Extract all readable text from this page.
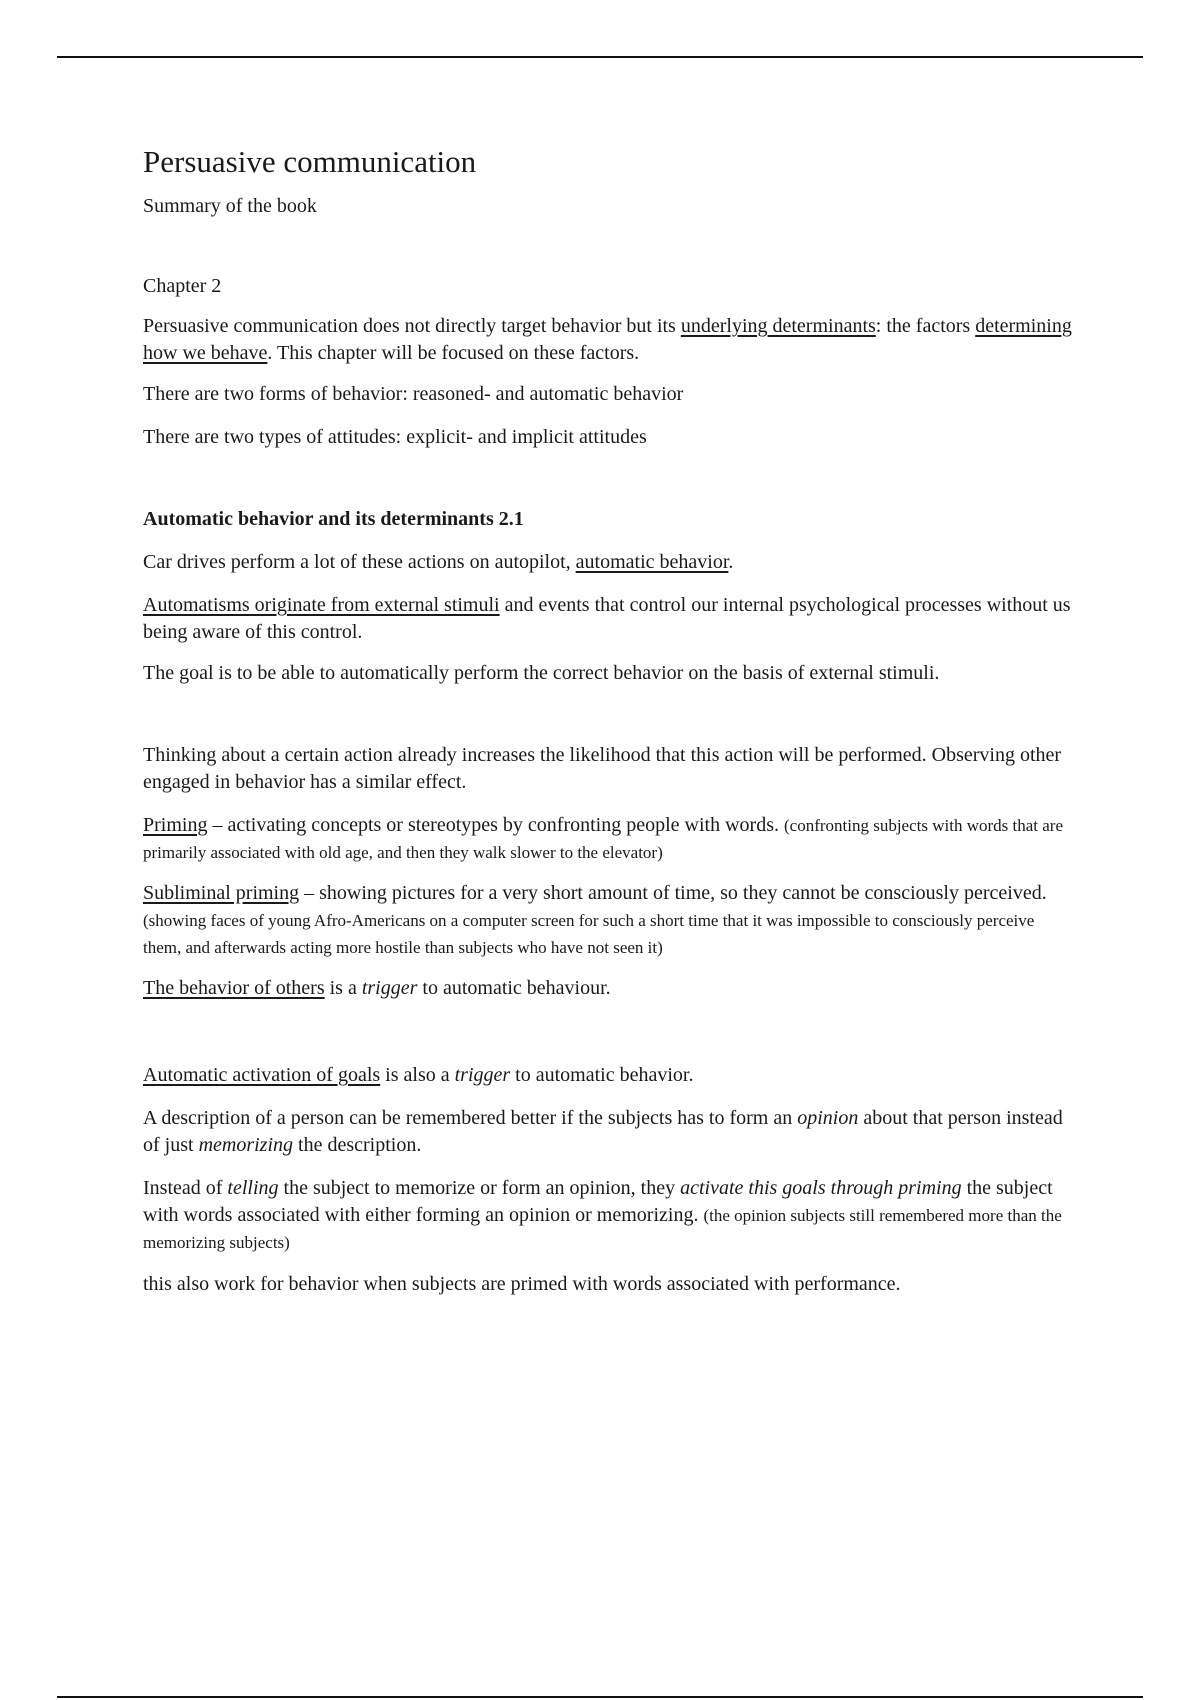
Persuasive communication

Summary of the book

Chapter 2

Persuasive communication does not directly target behavior but its underlying determinants: the factors determining how we behave. This chapter will be focused on these factors.

There are two forms of behavior: reasoned- and automatic behavior

There are two types of attitudes: explicit- and implicit attitudes

Automatic behavior and its determinants 2.1

Car drives perform a lot of these actions on autopilot, automatic behavior.

Automatisms originate from external stimuli and events that control our internal psychological processes without us being aware of this control.

The goal is to be able to automatically perform the correct behavior on the basis of external stimuli.

Thinking about a certain action already increases the likelihood that this action will be performed. Observing other engaged in behavior has a similar effect.

Priming – activating concepts or stereotypes by confronting people with words. (confronting subjects with words that are primarily associated with old age, and then they walk slower to the elevator)

Subliminal priming – showing pictures for a very short amount of time, so they cannot be consciously perceived. (showing faces of young Afro-Americans on a computer screen for such a short time that it was impossible to consciously perceive them, and afterwards acting more hostile than subjects who have not seen it)

The behavior of others is a trigger to automatic behaviour.

Automatic activation of goals is also a trigger to automatic behavior.

A description of a person can be remembered better if the subjects has to form an opinion about that person instead of just memorizing the description.

Instead of telling the subject to memorize or form an opinion, they activate this goals through priming the subject with words associated with either forming an opinion or memorizing. (the opinion subjects still remembered more than the memorizing subjects)

this also work for behavior when subjects are primed with words associated with performance.
